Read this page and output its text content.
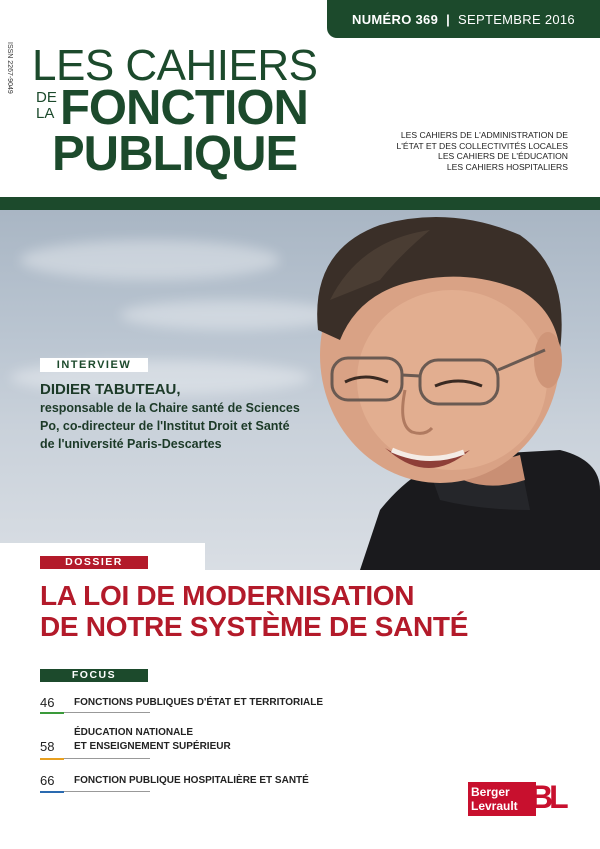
NUMÉRO 369 | SEPTEMBRE 2016
ISSN 2267-9049 LES CAHIERS
DE LA FONCTION
PUBLIQUE	LES CAHIERS DE L'ADMINISTRATION DE
L'ÉTAT ET DES COLLECTIVITÉS LOCALES
LES CAHIERS DE L'ÉDUCATION
LES CAHIERS HOSPITALIERS
INTERVIEW
DIDIER TABUTEAU,
responsable de la Chaire santé de Sciences Po, co-directeur de l'Institut Droit et Santé de l'université Paris-Descartes
DOSSIER
LA LOI DE MODERNISATION
DE NOTRE SYSTÈME DE SANTÉ
FOCUS
46 FONCTIONS PUBLIQUES D'ÉTAT ET TERRITORIALE
ÉDUCATION NATIONALE
58 ET ENSEIGNEMENT SUPÉRIEUR
66 FONCTION PUBLIQUE HOSPITALIÈRE ET SANTÉ
Berger
Levrault BL
